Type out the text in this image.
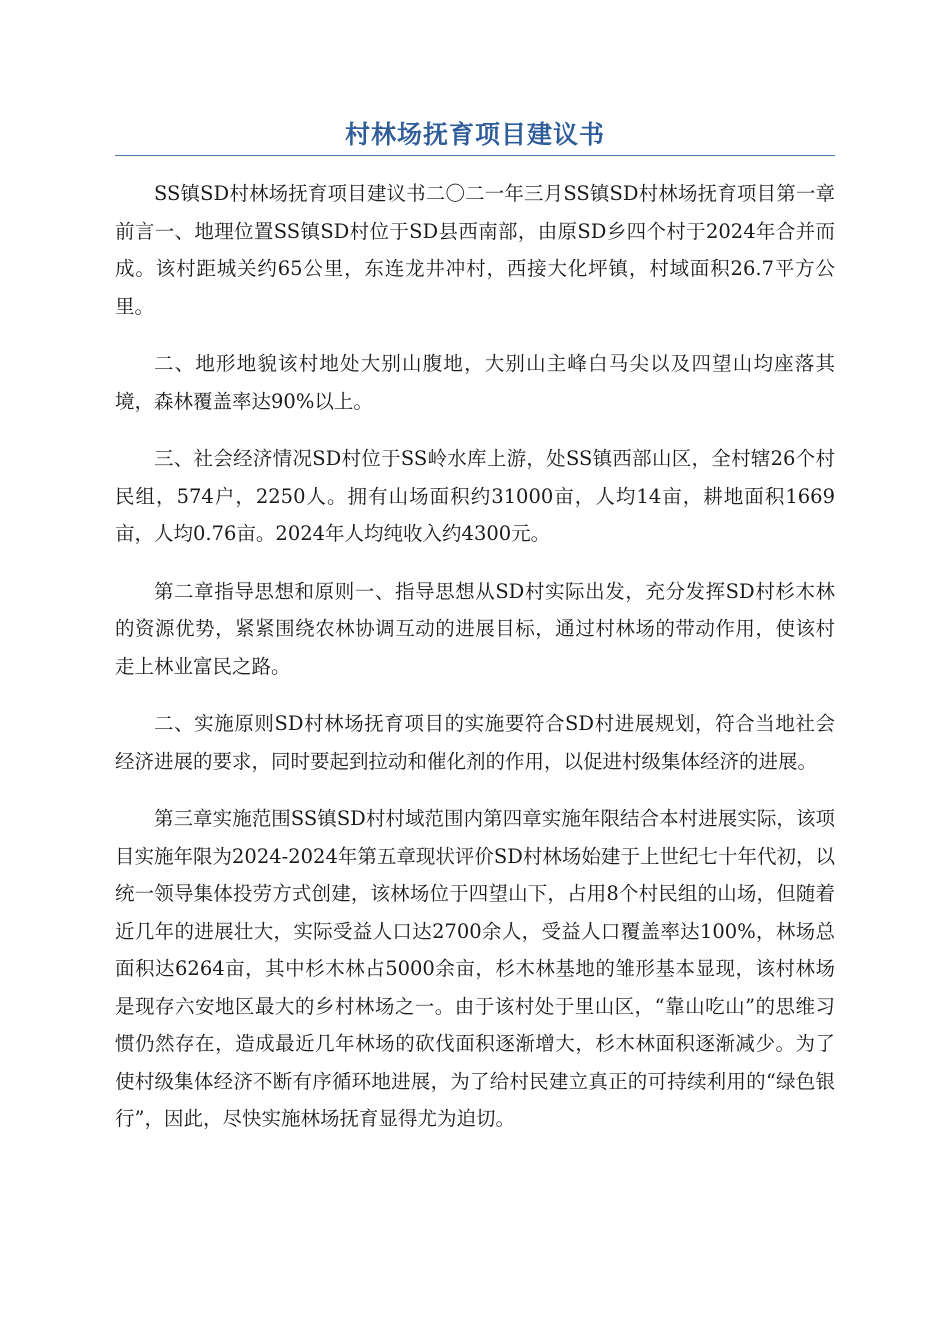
村林场抚育项目建议书

SS镇SD村林场抚育项目建议书二〇二一年三月SS镇SD村林场抚育项目第一章前言一、地理位置SS镇SD村位于SD县西南部，由原SD乡四个村于2024年合并而成。该村距城关约65公里，东连龙井冲村，西接大化坪镇，村域面积26.7平方公里。

二、地形地貌该村地处大别山腹地，大别山主峰白马尖以及四望山均座落其境，森林覆盖率达90%以上。

三、社会经济情况SD村位于SS岭水库上游，处SS镇西部山区，全村辖26个村民组，574户，2250人。拥有山场面积约31000亩，人均14亩，耕地面积1669亩，人均0.76亩。2024年人均纯收入约4300元。

第二章指导思想和原则一、指导思想从SD村实际出发，充分发挥SD村杉木林的资源优势，紧紧围绕农林协调互动的进展目标，通过村林场的带动作用，使该村走上林业富民之路。

二、实施原则SD村林场抚育项目的实施要符合SD村进展规划，符合当地社会经济进展的要求，同时要起到拉动和催化剂的作用，以促进村级集体经济的进展。

第三章实施范围SS镇SD村村域范围内第四章实施年限结合本村进展实际，该项目实施年限为2024-2024年第五章现状评价SD村林场始建于上世纪七十年代初，以统一领导集体投劳方式创建，该林场位于四望山下，占用8个村民组的山场，但随着近几年的进展壮大，实际受益人口达2700余人，受益人口覆盖率达100%，林场总面积达6264亩，其中杉木林占5000余亩，杉木林基地的雏形基本显现，该村林场是现存六安地区最大的乡村林场之一。由于该村处于里山区，“靠山吃山”的思维习惯仍然存在，造成最近几年林场的砍伐面积逐渐增大，杉木林面积逐渐减少。为了使村级集体经济不断有序循环地进展，为了给村民建立真正的可持续利用的“绿色银行”，因此，尽快实施林场抚育显得尤为迫切。
